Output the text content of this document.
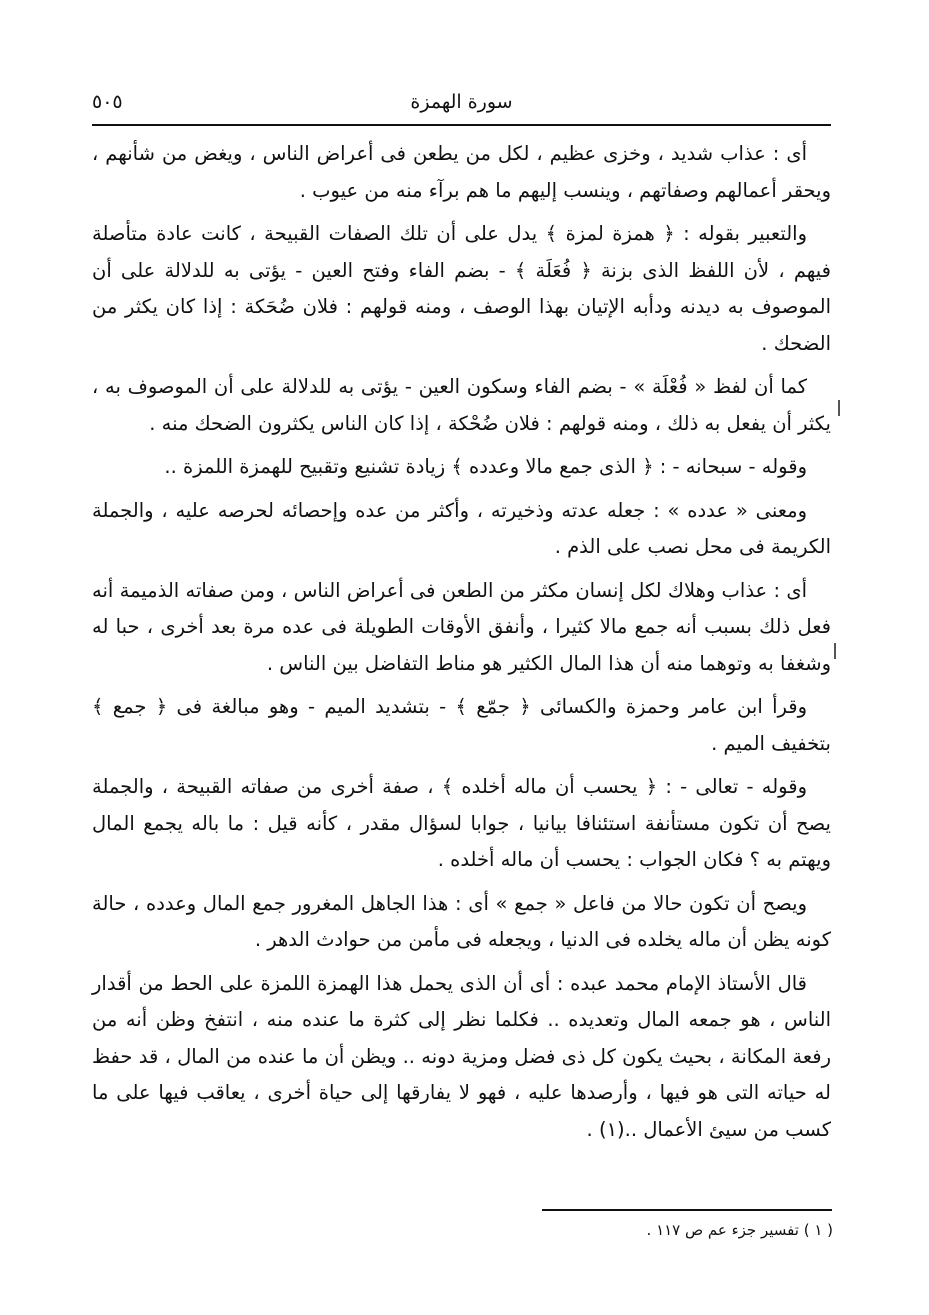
سورة الهمزة
٥٠٥

أى : عذاب شديد ، وخزى عظيم ، لكل من يطعن فى أعراض الناس ، ويغض من شأنهم ، ويحقر أعمالهم وصفاتهم ، وينسب إليهم ما هم برآء منه من عيوب .

والتعبير بقوله : ﴿ همزة لمزة ﴾ يدل على أن تلك الصفات القبيحة ، كانت عادة متأصلة فيهم ، لأن اللفظ الذى بزنة ﴿ فُعَلَة ﴾ - بضم الفاء وفتح العين - يؤتى به للدلالة على أن الموصوف به ديدنه ودأبه الإتيان بهذا الوصف ، ومنه قولهم : فلان ضُحَكة : إذا كان يكثر من الضحك .

كما أن لفظ « فُعْلَة » - بضم الفاء وسكون العين - يؤتى به للدلالة على أن الموصوف به ، يكثر أن يفعل به ذلك ، ومنه قولهم : فلان ضُحْكة ، إذا كان الناس يكثرون الضحك منه .

وقوله - سبحانه - : ﴿ الذى جمع مالا وعدده ﴾ زيادة تشنيع وتقبيح للهمزة اللمزة ..

ومعنى « عدده » : جعله عدته وذخيرته ، وأكثر من عده وإحصائه لحرصه عليه ، والجملة الكريمة فى محل نصب على الذم .

أى : عذاب وهلاك لكل إنسان مكثر من الطعن فى أعراض الناس ، ومن صفاته الذميمة أنه فعل ذلك بسبب أنه جمع مالا كثيرا ، وأنفق الأوقات الطويلة فى عده مرة بعد أخرى ، حبا له وشغفا به وتوهما منه أن هذا المال الكثير هو مناط التفاضل بين الناس .

وقرأ ابن عامر وحمزة والكسائى ﴿ جمّع ﴾ - بتشديد الميم - وهو مبالغة فى ﴿ جمع ﴾ بتخفيف الميم .

وقوله - تعالى - : ﴿ يحسب أن ماله أخلده ﴾ ، صفة أخرى من صفاته القبيحة ، والجملة يصح أن تكون مستأنفة استئنافا بيانيا ، جوابا لسؤال مقدر ، كأنه قيل : ما باله يجمع المال ويهتم به ؟ فكان الجواب : يحسب أن ماله أخلده .

ويصح أن تكون حالا من فاعل « جمع » أى : هذا الجاهل المغرور جمع المال وعدده ، حالة كونه يظن أن ماله يخلده فى الدنيا ، ويجعله فى مأمن من حوادث الدهر .

قال الأستاذ الإمام محمد عبده : أى أن الذى يحمل هذا الهمزة اللمزة على الحط من أقدار الناس ، هو جمعه المال وتعديده .. فكلما نظر إلى كثرة ما عنده منه ، انتفخ وظن أنه من رفعة المكانة ، بحيث يكون كل ذى فضل ومزية دونه .. ويظن أن ما عنده من المال ، قد حفظ له حياته التى هو فيها ، وأرصدها عليه ، فهو لا يفارقها إلى حياة أخرى ، يعاقب فيها على ما كسب من سيئ الأعمال ..(١) .

( ١ ) تفسير جزء عم ص ١١٧ .
